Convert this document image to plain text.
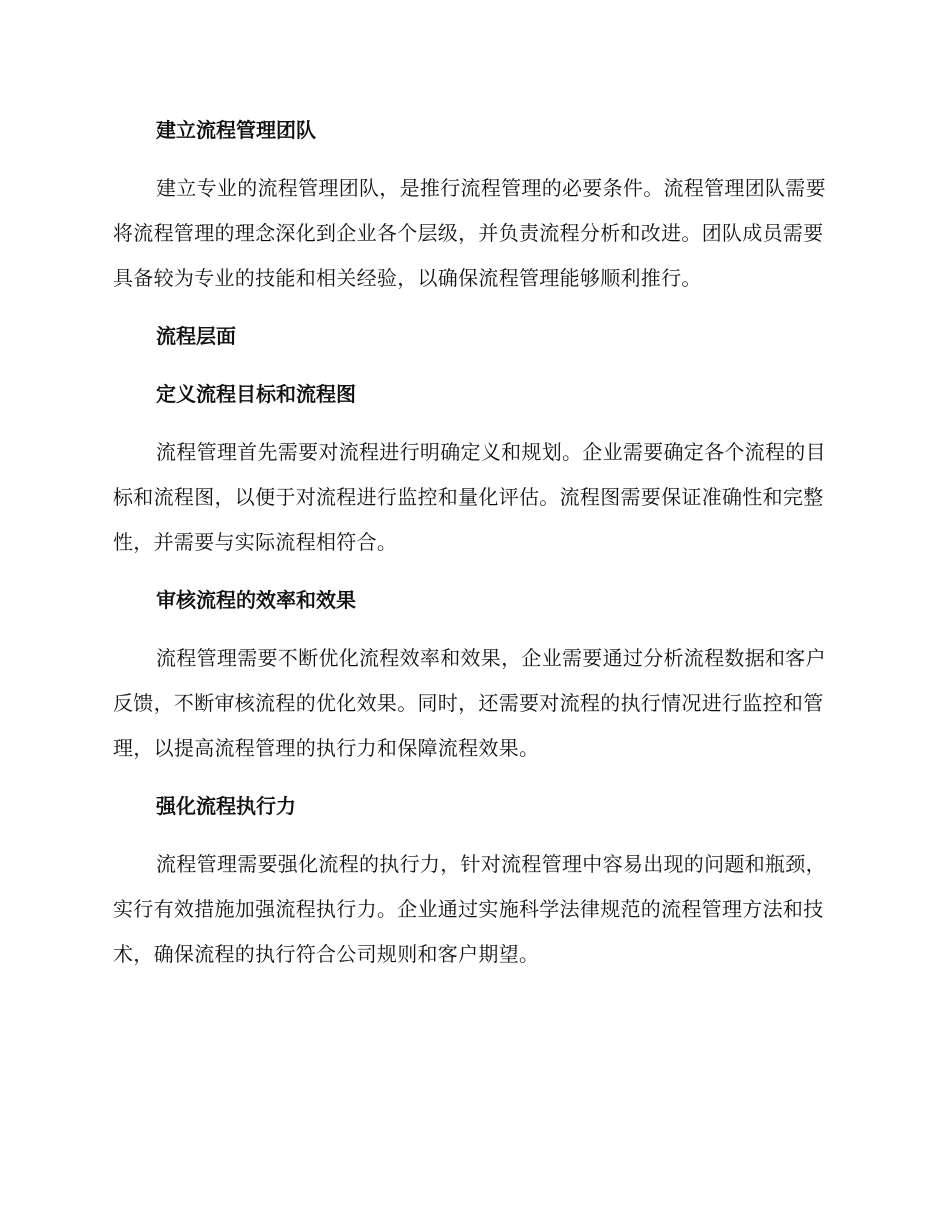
建立流程管理团队

建立专业的流程管理团队，是推行流程管理的必要条件。流程管理团队需要将流程管理的理念深化到企业各个层级，并负责流程分析和改进。团队成员需要具备较为专业的技能和相关经验，以确保流程管理能够顺利推行。

流程层面
定义流程目标和流程图

流程管理首先需要对流程进行明确定义和规划。企业需要确定各个流程的目标和流程图，以便于对流程进行监控和量化评估。流程图需要保证准确性和完整性，并需要与实际流程相符合。

审核流程的效率和效果

流程管理需要不断优化流程效率和效果，企业需要通过分析流程数据和客户反馈，不断审核流程的优化效果。同时，还需要对流程的执行情况进行监控和管理，以提高流程管理的执行力和保障流程效果。

强化流程执行力

流程管理需要强化流程的执行力，针对流程管理中容易出现的问题和瓶颈，实行有效措施加强流程执行力。企业通过实施科学法律规范的流程管理方法和技术，确保流程的执行符合公司规则和客户期望。
